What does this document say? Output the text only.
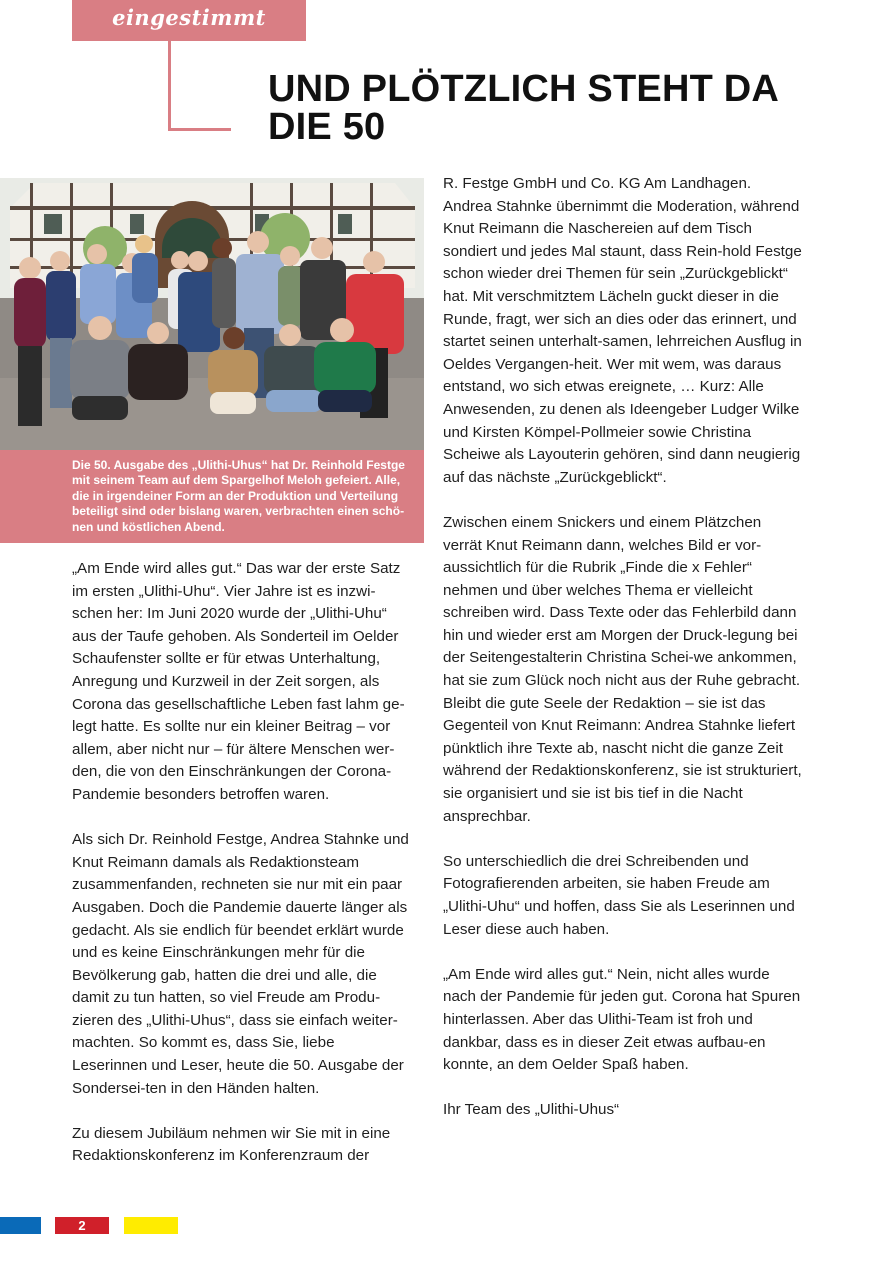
eingestimmt
UND PLÖTZLICH STEHT DA DIE 50
Die 50. Ausgabe des „Ulithi-Uhus“ hat Dr. Reinhold Festge mit seinem Team auf dem Spargelhof Meloh gefeiert. Alle, die in irgendeiner Form an der Produktion und Verteilung beteiligt sind oder bislang waren, verbrachten einen schö-nen und köstlichen Abend.

„Am Ende wird alles gut.“ Das war der erste Satz im ersten „Ulithi-Uhu“. Vier Jahre ist es inzwi-schen her: Im Juni 2020 wurde der „Ulithi-Uhu“ aus der Taufe gehoben. Als Sonderteil im Oelder Schaufenster sollte er für etwas Unterhaltung, Anregung und Kurzweil in der Zeit sorgen, als Corona das gesellschaftliche Leben fast lahm ge-legt hatte. Es sollte nur ein kleiner Beitrag – vor allem, aber nicht nur – für ältere Menschen wer-den, die von den Einschränkungen der Corona-Pandemie besonders betroffen waren.

Als sich Dr. Reinhold Festge, Andrea Stahnke und Knut Reimann damals als Redaktionsteam zusammenfanden, rechneten sie nur mit ein paar Ausgaben. Doch die Pandemie dauerte länger als gedacht. Als sie endlich für beendet erklärt wurde und es keine Einschränkungen mehr für die Bevölkerung gab, hatten die drei und alle, die damit zu tun hatten, so viel Freude am Produ-zieren des „Ulithi-Uhus“, dass sie einfach weiter-machten. So kommt es, dass Sie, liebe Leserinnen und Leser, heute die 50. Ausgabe der Sondersei-ten in den Händen halten.

Zu diesem Jubiläum nehmen wir Sie mit in eine Redaktionskonferenz im Konferenzraum der

R. Festge GmbH und Co. KG Am Landhagen. Andrea Stahnke übernimmt die Moderation, während Knut Reimann die Naschereien auf dem Tisch sondiert und jedes Mal staunt, dass Rein-hold Festge schon wieder drei Themen für sein „Zurückgeblickt“ hat. Mit verschmitztem Lächeln guckt dieser in die Runde, fragt, wer sich an dies oder das erinnert, und startet seinen unterhalt-samen, lehrreichen Ausflug in Oeldes Vergangen-heit. Wer mit wem, was daraus entstand, wo sich etwas ereignete, … Kurz: Alle Anwesenden, zu denen als Ideengeber Ludger Wilke und Kirsten Kömpel-Pollmeier sowie Christina Scheiwe als Layouterin gehören, sind dann neugierig auf das nächste „Zurückgeblickt“.

Zwischen einem Snickers und einem Plätzchen verrät Knut Reimann dann, welches Bild er vor-aussichtlich für die Rubrik „Finde die x Fehler“ nehmen und über welches Thema er vielleicht schreiben wird. Dass Texte oder das Fehlerbild dann hin und wieder erst am Morgen der Druck-legung bei der Seitengestalterin Christina Schei-we ankommen, hat sie zum Glück noch nicht aus der Ruhe gebracht.

Bleibt die gute Seele der Redaktion – sie ist das Gegenteil von Knut Reimann: Andrea Stahnke liefert pünktlich ihre Texte ab, nascht nicht die ganze Zeit während der Redaktionskonferenz, sie ist strukturiert, sie organisiert und sie ist bis tief in die Nacht ansprechbar.

So unterschiedlich die drei Schreibenden und Fotografierenden arbeiten, sie haben Freude am „Ulithi-Uhu“ und hoffen, dass Sie als Leserinnen und Leser diese auch haben.

„Am Ende wird alles gut.“ Nein, nicht alles wurde nach der Pandemie für jeden gut. Corona hat Spuren hinterlassen. Aber das Ulithi-Team ist froh und dankbar, dass es in dieser Zeit etwas aufbau-en konnte, an dem Oelder Spaß haben.

Ihr Team des „Ulithi-Uhus“

2
